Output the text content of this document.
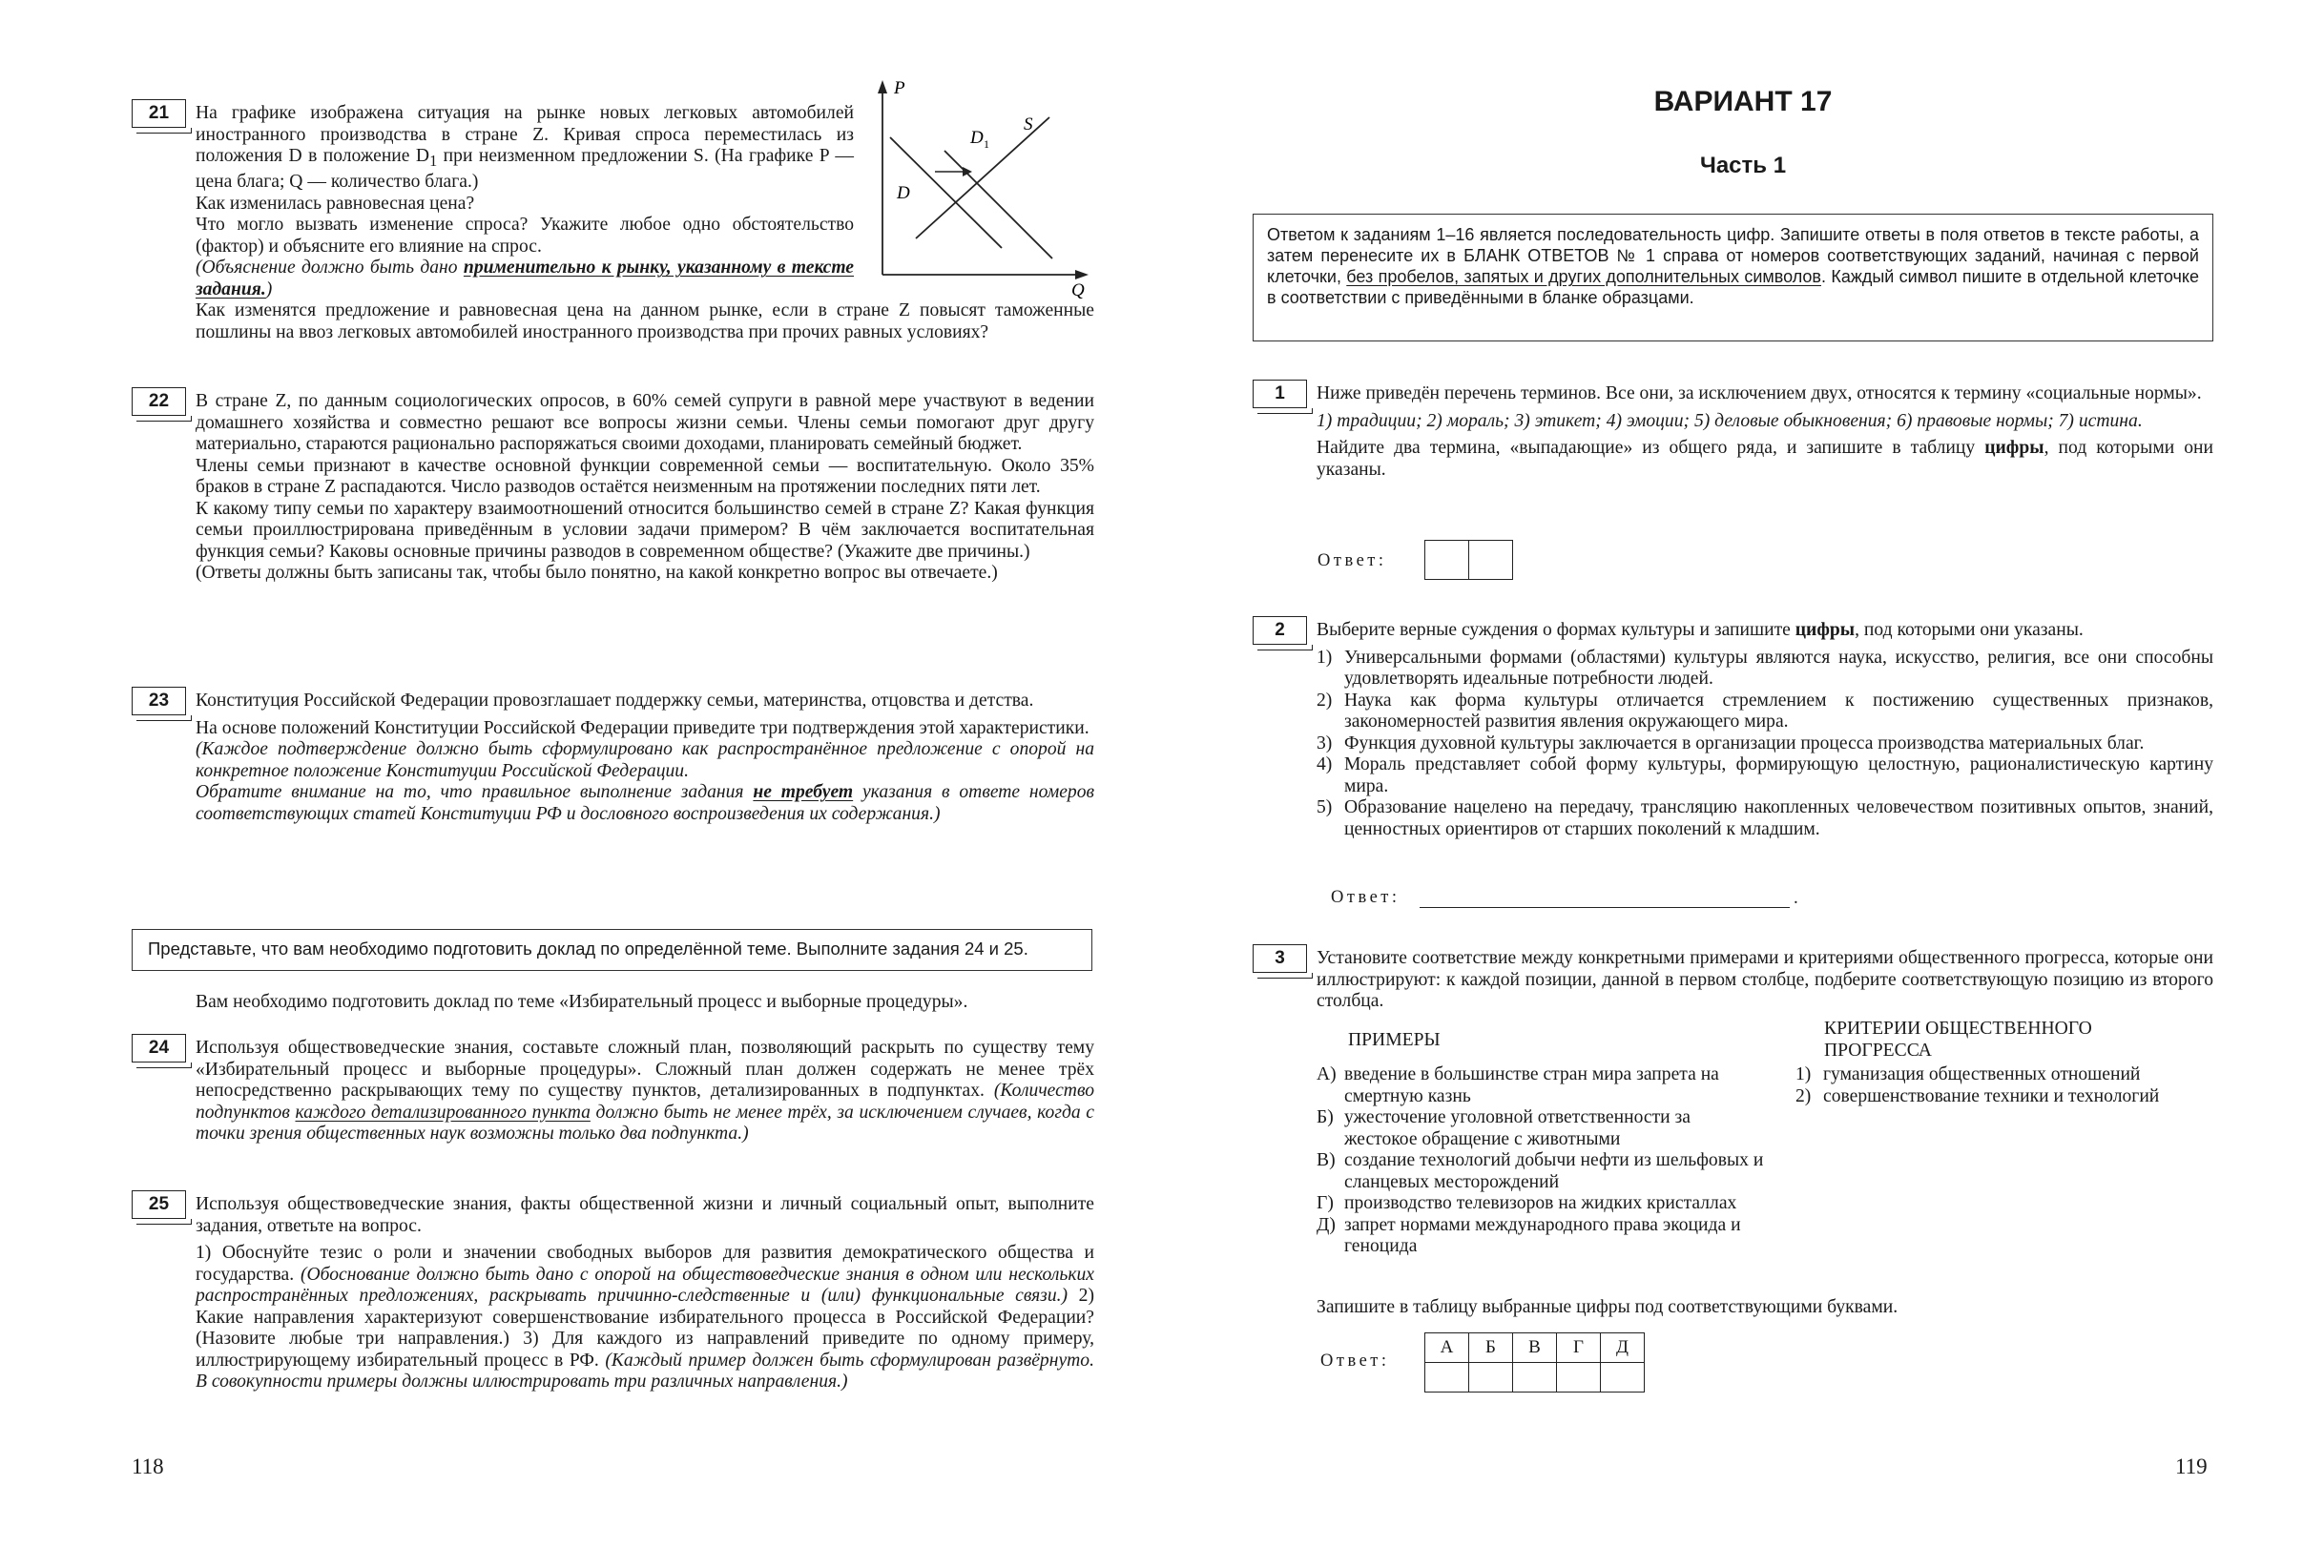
21	На графике изображена ситуация на рынке новых легковых автомобилей иностранного производства в стране Z. Кривая спроса переместилась из положения D в положение $D_1$ при неизменном предложении S. (На графике P — цена блага; Q — количество блага.)

Как изменилась равновесная цена?

Что могло вызвать изменение спроса? Укажите любое одно обстоятельство (фактор) и объясните его влияние на спрос.

(Объяснение должно быть дано применительно к рынку, указанному в тексте задания.)

P
Q
D
D 1
S
Как изменятся предложение и равновесная цена на данном рынке, если в стране Z повысят таможенные пошлины на ввоз легковых автомобилей иностранного производства при прочих равных условиях?
22	В стране Z, по данным социологических опросов, в 60% семей супруги в равной мере участвуют в ведении домашнего хозяйства и совместно решают все вопросы жизни семьи. Члены семьи помогают друг другу материально, стараются рационально распоряжаться своими доходами, планировать семейный бюджет.

Члены семьи признают в качестве основной функции современной семьи — воспитательную. Около 35% браков в стране Z распадаются. Число разводов остаётся неизменным на протяжении последних пяти лет.

К какому типу семьи по характеру взаимоотношений относится большинство семей в стране Z? Какая функция семьи проиллюстрирована приведённым в условии задачи примером? В чём заключается воспитательная функция семьи? Каковы основные причины разводов в современном обществе? (Укажите две причины.)

(Ответы должны быть записаны так, чтобы было понятно, на какой конкретно вопрос вы отвечаете.)

23	Конституция Российской Федерации провозглашает поддержку семьи, материнства, отцовства и детства.

На основе положений Конституции Российской Федерации приведите три подтверждения этой характеристики.

(Каждое подтверждение должно быть сформулировано как распространённое предложение с опорой на конкретное положение Конституции Российской Федерации.

Обратите внимание на то, что правильное выполнение задания не требует указания в ответе номеров соответствующих статей Конституции РФ и дословного воспроизведения их содержания.)

Представьте, что вам необходимо подготовить доклад по определённой теме. Выполните задания 24 и 25.
Вам необходимо подготовить доклад по теме «Избирательный процесс и выборные процедуры».
24	Используя обществоведческие знания, составьте сложный план, позволяющий раскрыть по существу тему «Избирательный процесс и выборные процедуры». Сложный план должен содержать не менее трёх непосредственно раскрывающих тему по существу пунктов, детализированных в подпунктах. (Количество подпунктов каждого детализированного пункта должно быть не менее трёх, за исключением случаев, когда с точки зрения общественных наук возможны только два подпункта.)

25	Используя обществоведческие знания, факты общественной жизни и личный социальный опыт, выполните задания, ответьте на вопрос.

1) Обоснуйте тезис о роли и значении свободных выборов для развития демократического общества и государства. (Обоснование должно быть дано с опорой на обществоведческие знания в одном или нескольких распространённых предложениях, раскрывать причинно-следственные и (или) функциональные связи.) 2) Какие направления характеризуют совершенствование избирательного процесса в Российской Федерации? (Назовите любые три направления.) 3) Для каждого из направлений приведите по одному примеру, иллюстрирующему избирательный процесс в РФ. (Каждый пример должен быть сформулирован развёрнуто. В совокупности примеры должны иллюстрировать три различных направления.)

118
ВАРИАНТ 17
Часть 1
Ответом к заданиям 1–16 является последовательность цифр. Запишите ответы в поля ответов в тексте работы, а затем перенесите их в БЛАНК ОТВЕТОВ № 1 справа от номеров соответствующих заданий, начиная с первой клеточки, без пробелов, запятых и других дополнительных символов. Каждый символ пишите в отдельной клеточке в соответствии с приведёнными в бланке образцами.
1	Ниже приведён перечень терминов. Все они, за исключением двух, относятся к термину «социальные нормы».

1) традиции; 2) мораль; 3) этикет; 4) эмоции; 5) деловые обыкновения; 6) правовые нормы; 7) истина.

Найдите два термина, «выпадающие» из общего ряда, и запишите в таблицу цифры, под которыми они указаны.

Ответ:
2	Выберите верные суждения о формах культуры и запишите цифры, под которыми они указаны.

1) Универсальными формами (областями) культуры являются наука, искусство, религия, все они способны удовлетворять идеальные потребности людей.
2) Наука как форма культуры отличается стремлением к постижению существенных признаков, закономерностей развития явления окружающего мира.
3) Функция духовной культуры заключается в организации процесса производства материальных благ.
4) Мораль представляет собой форму культуры, формирующую целостную, рационалистическую картину мира.
5) Образование нацелено на передачу, трансляцию накопленных человечеством позитивных опытов, знаний, ценностных ориентиров от старших поколений к младшим.
Ответ:	.
3	Установите соответствие между конкретными примерами и критериями общественного прогресса, которые они иллюстрируют: к каждой позиции, данной в первом столбце, подберите соответствующую позицию из второго столбца.
ПРИМЕРЫ
КРИТЕРИИ ОБЩЕСТВЕННОГО ПРОГРЕССА
А) введение в большинстве стран мира запрета на смертную казнь
Б) ужесточение уголовной ответственности за жестокое обращение с животными
В) создание технологий добычи нефти из шельфовых и сланцевых месторождений
Г) производство телевизоров на жидких кристаллах
Д) запрет нормами международного права экоцида и геноцида
1) гуманизация общественных отношений
2) совершенствование техники и технологий
Запишите в таблицу выбранные цифры под соответствующими буквами.
Ответ:
А	Б	В	Г	Д
119
